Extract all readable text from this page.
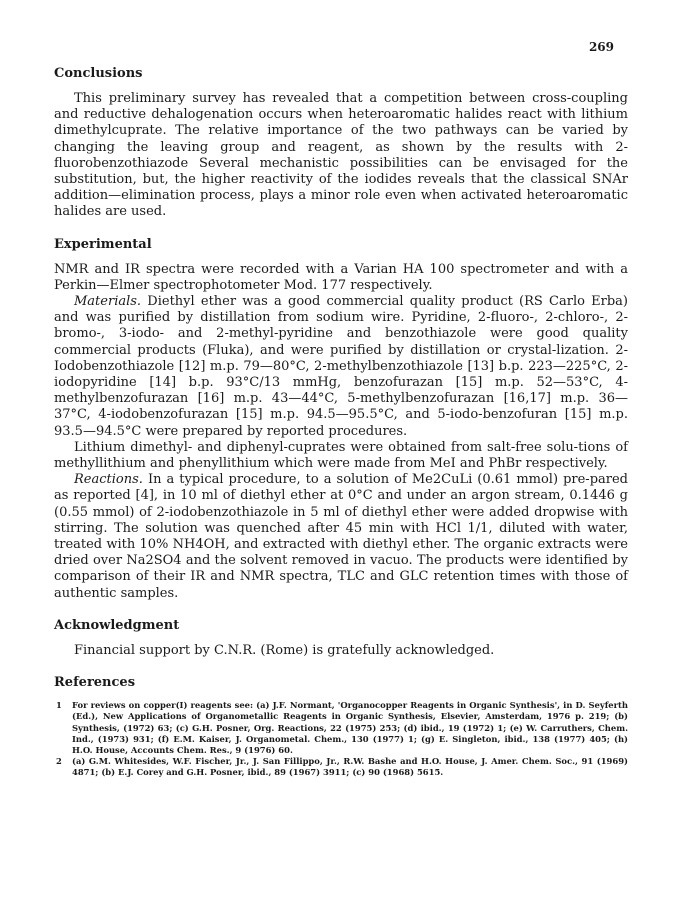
269
Conclusions

This preliminary survey has revealed that a competition between cross-coupling and reductive dehalogenation occurs when heteroaromatic halides react with lithium dimethylcuprate. The relative importance of the two pathways can be varied by changing the leaving group and reagent, as shown by the results with 2-fluorobenzothiazode Several mechanistic possibilities can be envisaged for the substitution, but, the higher reactivity of the iodides reveals that the classical SNAr addition—elimination process, plays a minor role even when activated heteroaromatic halides are used.

Experimental

NMR and IR spectra were recorded with a Varian HA 100 spectrometer and with a Perkin—Elmer spectrophotometer Mod. 177 respectively.

Materials. Diethyl ether was a good commercial quality product (RS Carlo Erba) and was purified by distillation from sodium wire. Pyridine, 2-fluoro-, 2-chloro-, 2-bromo-, 3-iodo- and 2-methyl-pyridine and benzothiazole were good quality commercial products (Fluka), and were purified by distillation or crystal-lization. 2-Iodobenzothiazole [12] m.p. 79—80°C, 2-methylbenzothiazole [13] b.p. 223—225°C, 2-iodopyridine [14] b.p. 93°C/13 mmHg, benzofurazan [15] m.p. 52—53°C, 4-methylbenzofurazan [16] m.p. 43—44°C, 5-methylbenzofurazan [16,17] m.p. 36—37°C, 4-iodobenzofurazan [15] m.p. 94.5—95.5°C, and 5-iodo-benzofuran [15] m.p. 93.5—94.5°C were prepared by reported procedures.

Lithium dimethyl- and diphenyl-cuprates were obtained from salt-free solu-tions of methyllithium and phenyllithium which were made from MeI and PhBr respectively.

Reactions. In a typical procedure, to a solution of Me2CuLi (0.61 mmol) pre-pared as reported [4], in 10 ml of diethyl ether at 0°C and under an argon stream, 0.1446 g (0.55 mmol) of 2-iodobenzothiazole in 5 ml of diethyl ether were added dropwise with stirring. The solution was quenched after 45 min with HCl 1/1, diluted with water, treated with 10% NH4OH, and extracted with diethyl ether. The organic extracts were dried over Na2SO4 and the solvent removed in vacuo. The products were identified by comparison of their IR and NMR spectra, TLC and GLC retention times with those of authentic samples.

Acknowledgment

Financial support by C.N.R. (Rome) is gratefully acknowledged.

References
1 For reviews on copper(I) reagents see: (a) J.F. Normant, 'Organocopper Reagents in Organic Synthesis', in D. Seyferth (Ed.), New Applications of Organometallic Reagents in Organic Synthesis, Elsevier, Amsterdam, 1976 p. 219; (b) Synthesis, (1972) 63; (c) G.H. Posner, Org. Reactions, 22 (1975) 253; (d) ibid., 19 (1972) 1; (e) W. Carruthers, Chem. Ind., (1973) 931; (f) E.M. Kaiser, J. Organometal. Chem., 130 (1977) 1; (g) E. Singleton, ibid., 138 (1977) 405; (h) H.O. House, Accounts Chem. Res., 9 (1976) 60.
2 (a) G.M. Whitesides, W.F. Fischer, Jr., J. San Fillippo, Jr., R.W. Bashe and H.O. House, J. Amer. Chem. Soc., 91 (1969) 4871; (b) E.J. Corey and G.H. Posner, ibid., 89 (1967) 3911; (c) 90 (1968) 5615.
